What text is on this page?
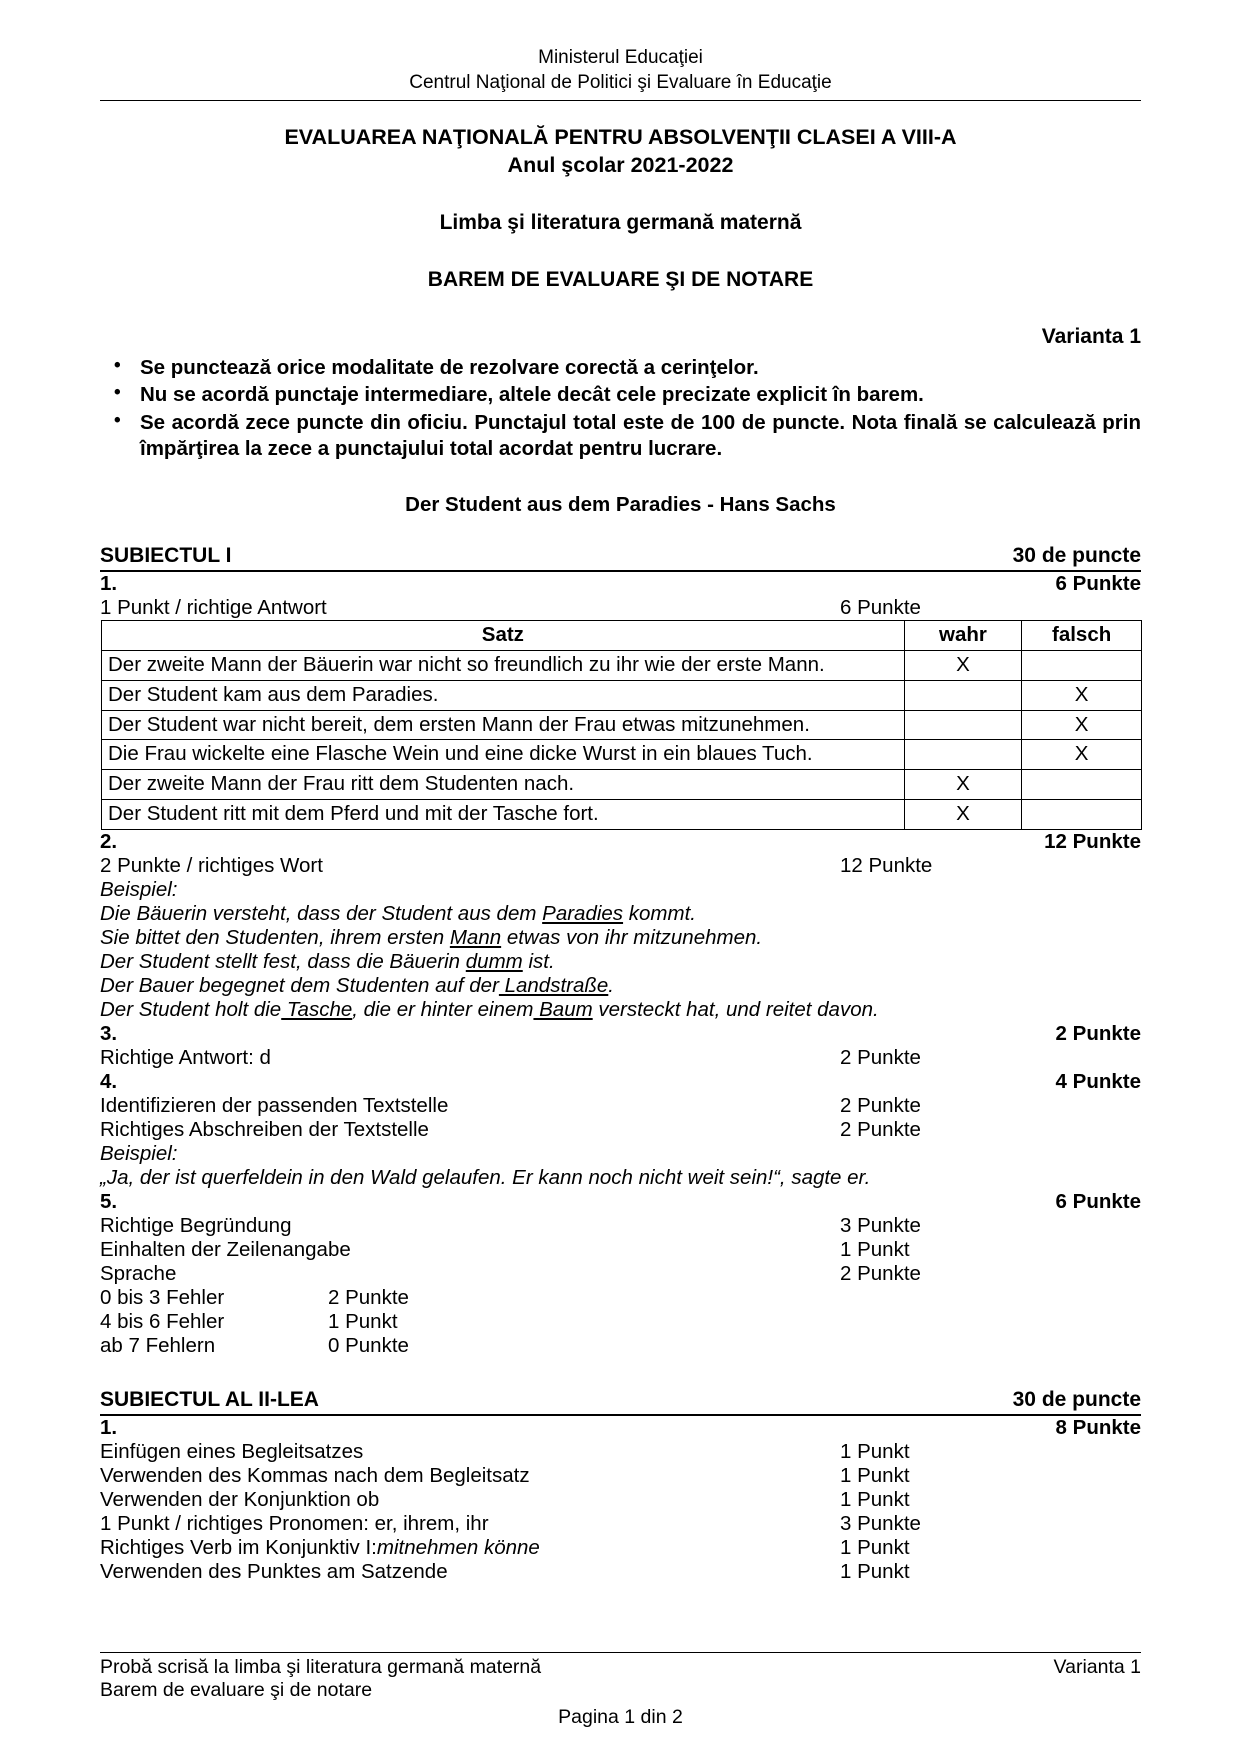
Ministerul Educaţiei
Centrul Naţional de Politici şi Evaluare în Educaţie
EVALUAREA NAŢIONALĂ PENTRU ABSOLVENŢII CLASEI A VIII-A
Anul şcolar 2021-2022
Limba şi literatura germană maternă
BAREM DE EVALUARE ŞI DE NOTARE
Varianta 1
• Se punctează orice modalitate de rezolvare corectă a cerinţelor.
• Nu se acordă punctaje intermediare, altele decât cele precizate explicit în barem.
• Se acordă zece puncte din oficiu. Punctajul total este de 100 de puncte. Nota finală se calculează prin împărţirea la zece a punctajului total acordat pentru lucrare.
Der Student aus dem Paradies - Hans Sachs
SUBIECTUL I	30 de puncte
1.	6 Punkte
1 Punkt / richtige Antwort	6 Punkte
Satz	wahr	falsch
Der zweite Mann der Bäuerin war nicht so freundlich zu ihr wie der erste Mann.	X	
Der Student kam aus dem Paradies.		X
Der Student war nicht bereit, dem ersten Mann der Frau etwas mitzunehmen.		X
Die Frau wickelte eine Flasche Wein und eine dicke Wurst in ein blaues Tuch.		X
Der zweite Mann der Frau ritt dem Studenten nach.	X	
Der Student ritt mit dem Pferd und mit der Tasche fort.	X	
2.	12 Punkte
2 Punkte / richtiges Wort	12 Punkte
Beispiel:
Die Bäuerin versteht, dass der Student aus dem Paradies kommt.
Sie bittet den Studenten, ihrem ersten Mann etwas von ihr mitzunehmen.
Der Student stellt fest, dass die Bäuerin dumm ist.
Der Bauer begegnet dem Studenten auf der Landstraße.
Der Student holt die Tasche, die er hinter einem Baum versteckt hat, und reitet davon.
3.	2 Punkte
Richtige Antwort: d	2 Punkte
4.	4 Punkte
Identifizieren der passenden Textstelle	2 Punkte
Richtiges Abschreiben der Textstelle	2 Punkte
Beispiel:
„Ja, der ist querfeldein in den Wald gelaufen. Er kann noch nicht weit sein!“, sagte er.
5.	6 Punkte
Richtige Begründung	3 Punkte
Einhalten der Zeilenangabe	1 Punkt
Sprache	2 Punkte
0 bis 3 Fehler	2 Punkte
4 bis 6 Fehler	1 Punkt
ab 7 Fehlern	0 Punkte
SUBIECTUL AL II-LEA	30 de puncte
1.	8 Punkte
Einfügen eines Begleitsatzes	1 Punkt
Verwenden des Kommas nach dem Begleitsatz	1 Punkt
Verwenden der Konjunktion ob	1 Punkt
1 Punkt / richtiges Pronomen: er, ihrem, ihr	3 Punkte
Richtiges Verb im Konjunktiv I:mitnehmen könne	1 Punkt
Verwenden des Punktes am Satzende	1 Punkt
Probă scrisă la limba şi literatura germană maternă	Varianta 1
Barem de evaluare şi de notare
Pagina 1 din 2
